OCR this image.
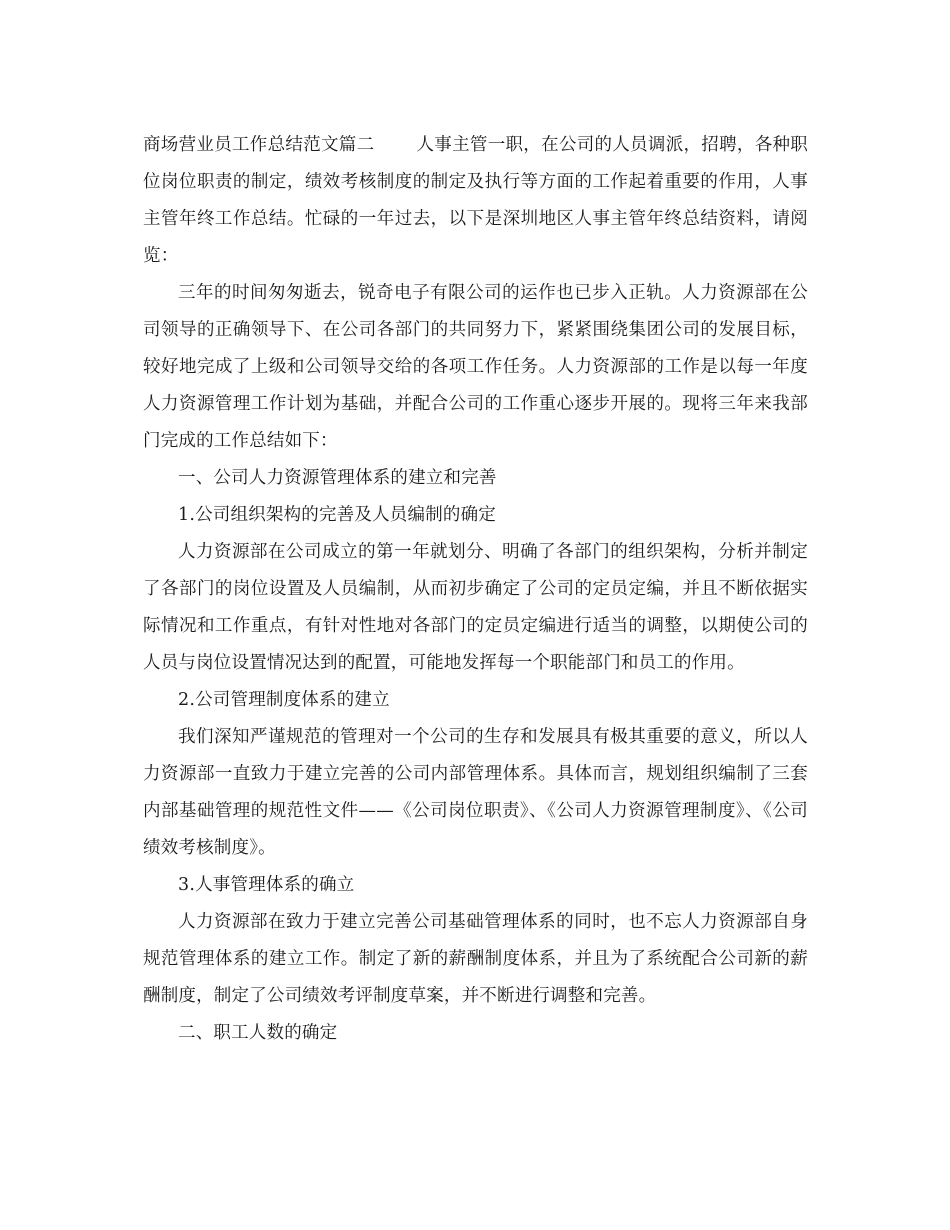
商场营业员工作总结范文篇二 人事主管一职，在公司的人员调派，招聘，各种职位岗位职责的制定，绩效考核制度的制定及执行等方面的工作起着重要的作用，人事主管年终工作总结。忙碌的一年过去，以下是深圳地区人事主管年终总结资料，请阅览：

三年的时间匆匆逝去，锐奇电子有限公司的运作也已步入正轨。人力资源部在公司领导的正确领导下、在公司各部门的共同努力下，紧紧围绕集团公司的发展目标，较好地完成了上级和公司领导交给的各项工作任务。人力资源部的工作是以每一年度人力资源管理工作计划为基础，并配合公司的工作重心逐步开展的。现将三年来我部门完成的工作总结如下：

一、公司人力资源管理体系的建立和完善

1.公司组织架构的完善及人员编制的确定

人力资源部在公司成立的第一年就划分、明确了各部门的组织架构，分析并制定了各部门的岗位设置及人员编制，从而初步确定了公司的定员定编，并且不断依据实际情况和工作重点，有针对性地对各部门的定员定编进行适当的调整，以期使公司的人员与岗位设置情况达到的配置，可能地发挥每一个职能部门和员工的作用。

2.公司管理制度体系的建立

我们深知严谨规范的管理对一个公司的生存和发展具有极其重要的意义，所以人力资源部一直致力于建立完善的公司内部管理体系。具体而言，规划组织编制了三套内部基础管理的规范性文件——《公司岗位职责》、《公司人力资源管理制度》、《公司绩效考核制度》。

3.人事管理体系的确立

人力资源部在致力于建立完善公司基础管理体系的同时，也不忘人力资源部自身规范管理体系的建立工作。制定了新的薪酬制度体系，并且为了系统配合公司新的薪酬制度，制定了公司绩效考评制度草案，并不断进行调整和完善。

二、职工人数的确定
